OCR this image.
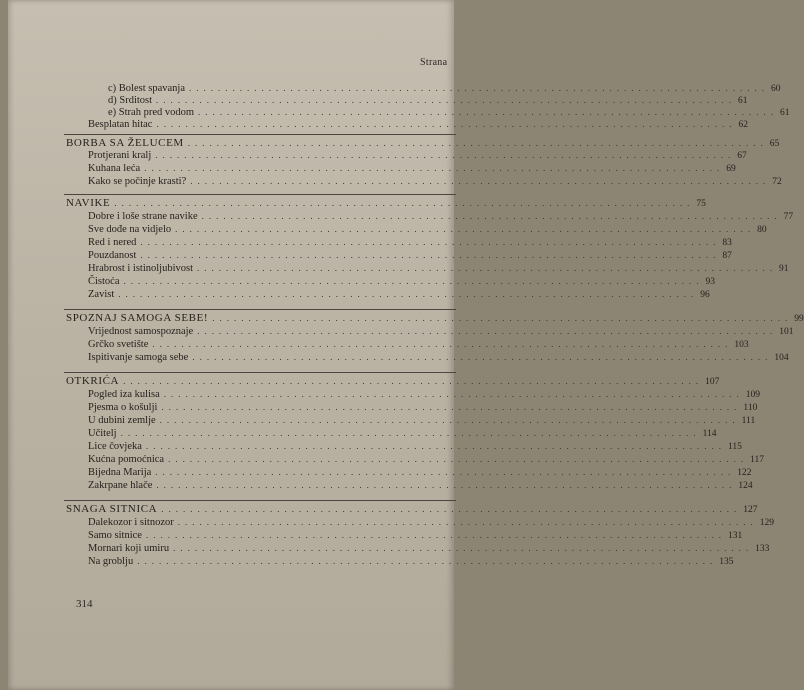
Strana
c) Bolest spavanja ................................................................................ 60
d) Srditost ................................................................................ 61
e) Strah pred vodom ................................................................................ 61
Besplatan hitac ................................................................................ 62
BORBA SA ŽELUCEM ................................................................................ 65
Protjerani kralj ................................................................................ 67
Kuhana leća ................................................................................ 69
Kako se počinje krasti? ................................................................................ 72
NAVIKE ................................................................................ 75
Dobre i loše strane navike ................................................................................ 77
Sve dođe na vidjelo ................................................................................ 80
Red i nered ................................................................................ 83
Pouzdanost ................................................................................ 87
Hrabrost i istinoljubivost ................................................................................ 91
Čistoća ................................................................................ 93
Zavist ................................................................................ 96
SPOZNAJ SAMOGA SEBE! ................................................................................ 99
Vrijednost samospoznaje ................................................................................ 101
Grčko svetište ................................................................................ 103
Ispitivanje samoga sebe ................................................................................ 104
OTKRIĆA ................................................................................ 107
Pogled iza kulisa ................................................................................ 109
Pjesma o košulji ................................................................................ 110
U dubini zemlje ................................................................................ 111
Učitelj ................................................................................ 114
Lice čovjeka ................................................................................ 115
Kućna pomoćnica ................................................................................ 117
Bijedna Marija ................................................................................ 122
Zakrpane hlače ................................................................................ 124
SNAGA SITNICA ................................................................................ 127
Dalekozor i sitnozor ................................................................................ 129
Samo sitnice ................................................................................ 131
Mornari koji umiru ................................................................................ 133
Na groblju ................................................................................ 135
314
